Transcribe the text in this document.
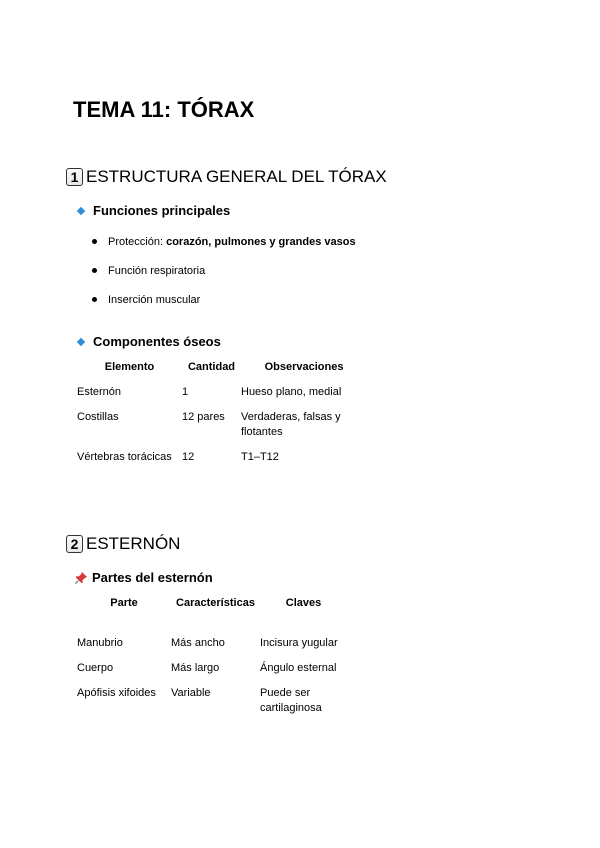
TEMA 11: TÓRAX
1 ESTRUCTURA GENERAL DEL TÓRAX
Funciones principales
Protección: corazón, pulmones y grandes vasos
Función respiratoria
Inserción muscular
Componentes óseos
Elemento	Cantidad	Observaciones
Esternón	1	Hueso plano, medial
Costillas	12 pares	Verdaderas, falsas y flotantes
Vértebras torácicas	12	T1–T12
2 ESTERNÓN
Partes del esternón
Parte	Características	Claves
Manubrio	Más ancho	Incisura yugular
Cuerpo	Más largo	Ángulo esternal
Apófisis xifoides	Variable	Puede ser cartilaginosa
